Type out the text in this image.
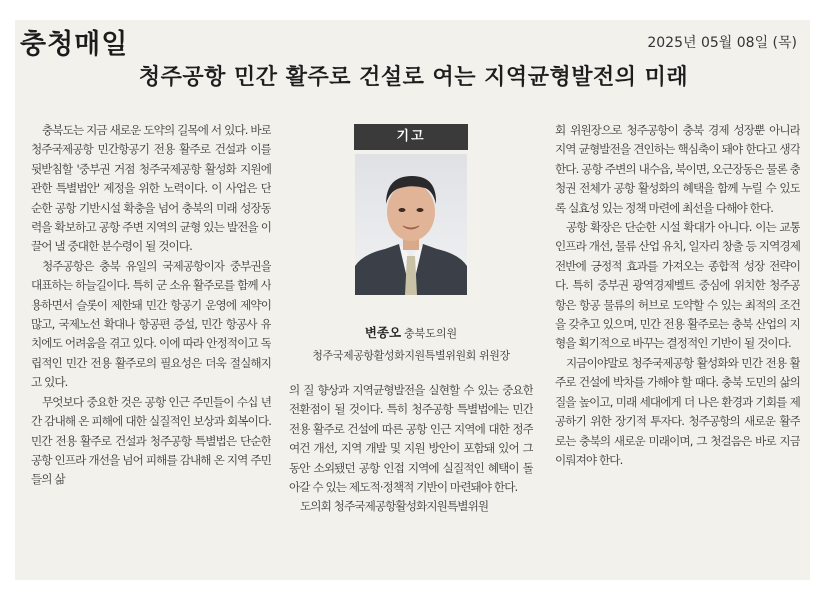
충청매일	2025년 05월 08일 (목)
청주공항 민간 활주로 건설로 여는 지역균형발전의 미래

충북도는 지금 새로운 도약의 길목에 서 있다. 바로 청주국제공항 민간항공기 전용 활주로 건설과 이를 뒷받침할 '중부권 거점 청주국제공항 활성화 지원에 관한 특별법안' 제정을 위한 노력이다. 이 사업은 단순한 공항 기반시설 확충을 넘어 충북의 미래 성장동력을 확보하고 공항 주변 지역의 균형 있는 발전을 이끌어 낼 중대한 분수령이 될 것이다.

청주공항은 충북 유일의 국제공항이자 중부권을 대표하는 하늘길이다. 특히 군 소유 활주로를 함께 사용하면서 슬롯이 제한돼 민간 항공기 운영에 제약이 많고, 국제노선 확대나 항공편 증설, 민간 항공사 유치에도 어려움을 겪고 있다. 이에 따라 안정적이고 독립적인 민간 전용 활주로의 필요성은 더욱 절실해지고 있다.

무엇보다 중요한 것은 공항 인근 주민들이 수십 년간 감내해 온 피해에 대한 실질적인 보상과 회복이다. 민간 전용 활주로 건설과 청주공항 특별법은 단순한 공항 인프라 개선을 넘어 피해를 감내해 온 지역 주민들의 삶

기고
변종오 충북도의원
청주국제공항활성화지원특별위원회 위원장

의 질 향상과 지역균형발전을 실현할 수 있는 중요한 전환점이 될 것이다. 특히 청주공항 특별법에는 민간 전용 활주로 건설에 따른 공항 인근 지역에 대한 정주여건 개선, 지역 개발 및 지원 방안이 포함돼 있어 그동안 소외됐던 공항 인접 지역에 실질적인 혜택이 돌아갈 수 있는 제도적·정책적 기반이 마련돼야 한다.

도의회 청주국제공항활성화지원특별위원

회 위원장으로 청주공항이 충북 경제 성장뿐 아니라 지역 균형발전을 견인하는 핵심축이 돼야 한다고 생각한다. 공항 주변의 내수읍, 북이면, 오근장동은 물론 충청권 전체가 공항 활성화의 혜택을 함께 누릴 수 있도록 실효성 있는 정책 마련에 최선을 다해야 한다.

공항 확장은 단순한 시설 확대가 아니다. 이는 교통 인프라 개선, 물류 산업 유치, 일자리 창출 등 지역경제 전반에 긍정적 효과를 가져오는 종합적 성장 전략이다. 특히 중부권 광역경제벨트 중심에 위치한 청주공항은 항공 물류의 허브로 도약할 수 있는 최적의 조건을 갖추고 있으며, 민간 전용 활주로는 충북 산업의 지형을 획기적으로 바꾸는 결정적인 기반이 될 것이다.

지금이야말로 청주국제공항 활성화와 민간 전용 활주로 건설에 박차를 가해야 할 때다. 충북 도민의 삶의 질을 높이고, 미래 세대에게 더 나은 환경과 기회를 제공하기 위한 장기적 투자다. 청주공항의 새로운 활주로는 충북의 새로운 미래이며, 그 첫걸음은 바로 지금 이뤄져야 한다.
